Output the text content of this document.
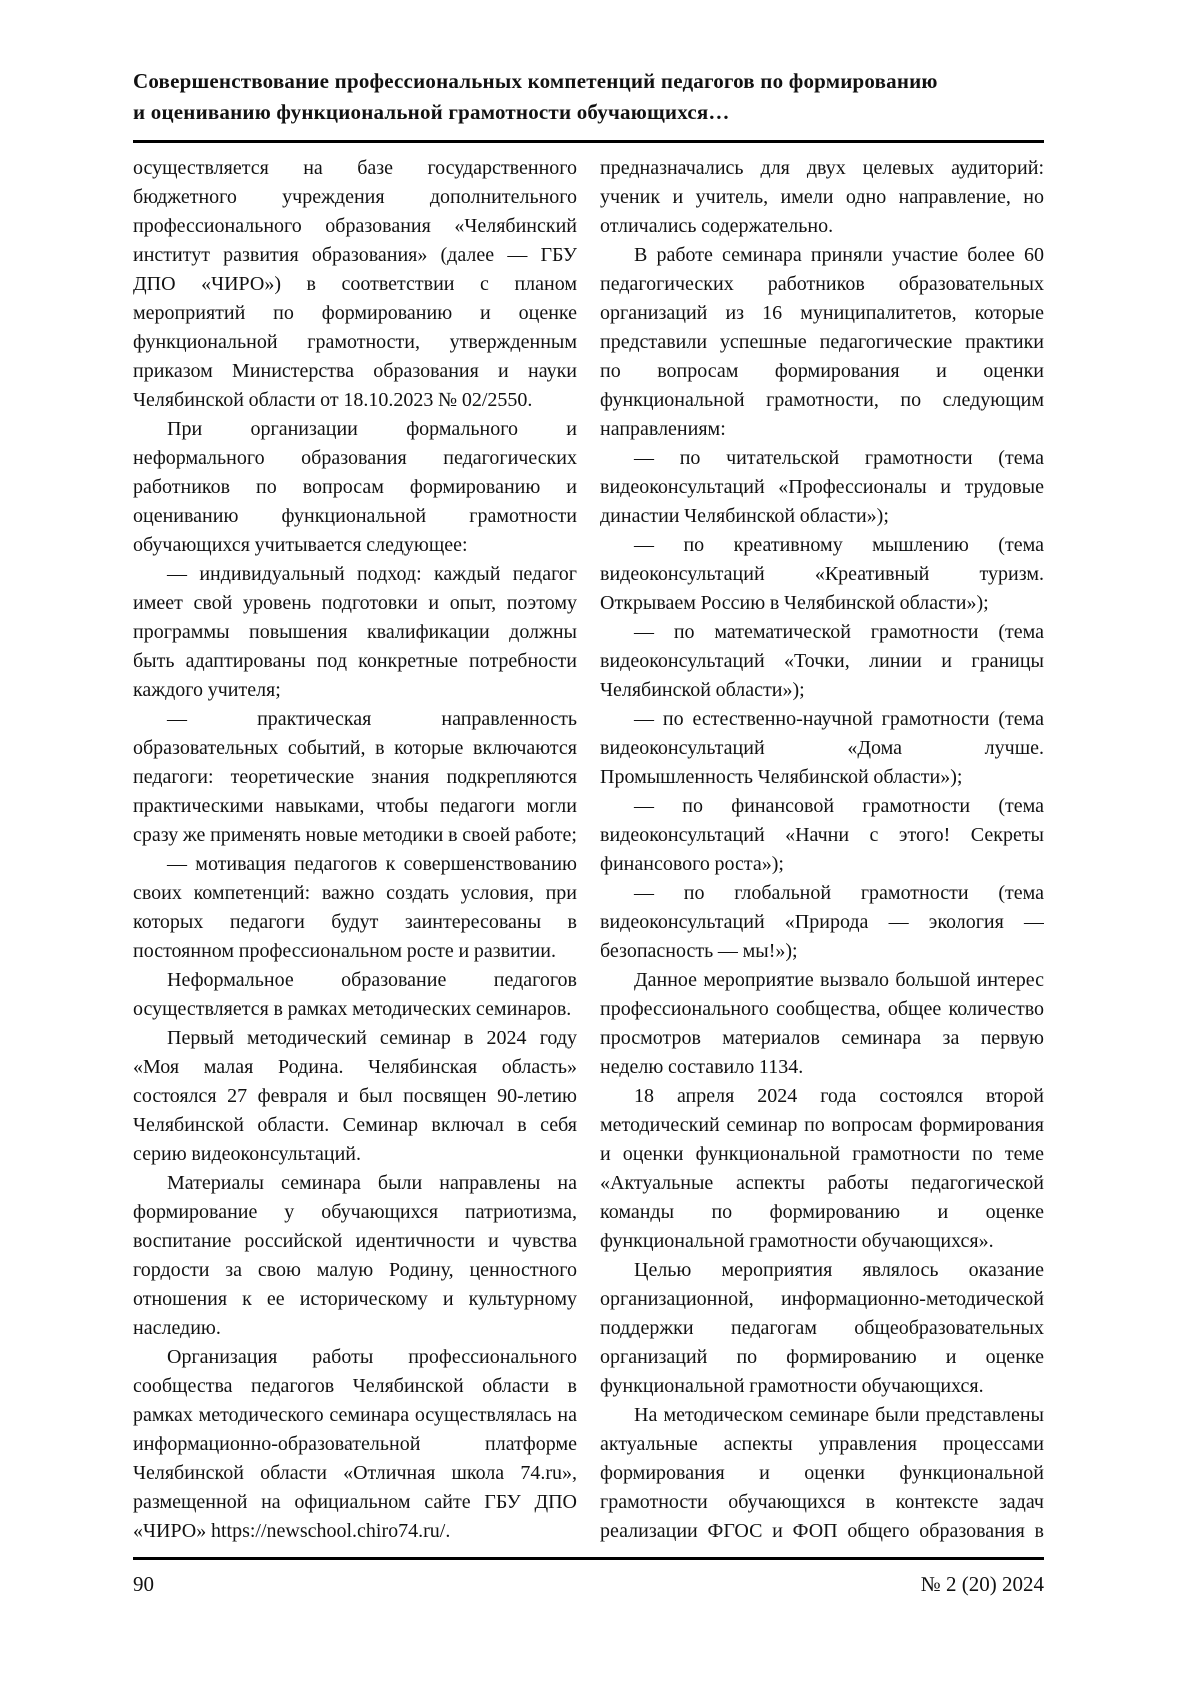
Совершенствование профессиональных компетенций педагогов по формированию
и оцениванию функциональной грамотности обучающихся…

осуществляется на базе государственного бюджетного учреждения дополнительного профессионального образования «Челябинский институт развития образования» (далее — ГБУ ДПО «ЧИРО») в соответствии с планом мероприятий по формированию и оценке функциональной грамотности, утвержденным приказом Министерства образования и науки Челябинской области от 18.10.2023 № 02/2550.

При организации формального и неформального образования педагогических работников по вопросам формированию и оцениванию функциональной грамотности обучающихся учитывается следующее:

— индивидуальный подход: каждый педагог имеет свой уровень подготовки и опыт, поэтому программы повышения квалификации должны быть адаптированы под конкретные потребности каждого учителя;

— практическая направленность образовательных событий, в которые включаются педагоги: теоретические знания подкрепляются практическими навыками, чтобы педагоги могли сразу же применять новые методики в своей работе;

— мотивация педагогов к совершенствованию своих компетенций: важно создать условия, при которых педагоги будут заинтересованы в постоянном профессиональном росте и развитии.

Неформальное образование педагогов осуществляется в рамках методических семинаров.

Первый методический семинар в 2024 году «Моя малая Родина. Челябинская область» состоялся 27 февраля и был посвящен 90-летию Челябинской области. Семинар включал в себя серию видеоконсультаций.

Материалы семинара были направлены на формирование у обучающихся патриотизма, воспитание российской идентичности и чувства гордости за свою малую Родину, ценностного отношения к ее историческому и культурному наследию.

Организация работы профессионального сообщества педагогов Челябинской области в рамках методического семинара осуществлялась на информационно-образовательной платформе Челябинской области «Отличная школа 74.ru», размещенной на официальном сайте ГБУ ДПО «ЧИРО» https://newschool.chiro74.ru/.

предназначались для двух целевых аудиторий: ученик и учитель, имели одно направление, но отличались содержательно.

В работе семинара приняли участие более 60 педагогических работников образовательных организаций из 16 муниципалитетов, которые представили успешные педагогические практики по вопросам формирования и оценки функциональной грамотности, по следующим направлениям:

— по читательской грамотности (тема видеоконсультаций «Профессионалы и трудовые династии Челябинской области»);

— по креативному мышлению (тема видеоконсультаций «Креативный туризм. Открываем Россию в Челябинской области»);

— по математической грамотности (тема видеоконсультаций «Точки, линии и границы Челябинской области»);

— по естественно-научной грамотности (тема видеоконсультаций «Дома лучше. Промышленность Челябинской области»);

— по финансовой грамотности (тема видеоконсультаций «Начни с этого! Секреты финансового роста»);

— по глобальной грамотности (тема видеоконсультаций «Природа — экология — безопасность — мы!»);

Данное мероприятие вызвало большой интерес профессионального сообщества, общее количество просмотров материалов семинара за первую неделю составило 1134.

18 апреля 2024 года состоялся второй методический семинар по вопросам формирования и оценки функциональной грамотности по теме «Актуальные аспекты работы педагогической команды по формированию и оценке функциональной грамотности обучающихся».

Целью мероприятия являлось оказание организационной, информационно-методической поддержки педагогам общеобразовательных организаций по формированию и оценке функциональной грамотности обучающихся.

На методическом семинаре были представлены актуальные аспекты управления процессами формирования и оценки функциональной грамотности обучающихся в контексте задач реализации ФГОС и ФОП общего образования в

90	№ 2 (20) 2024
